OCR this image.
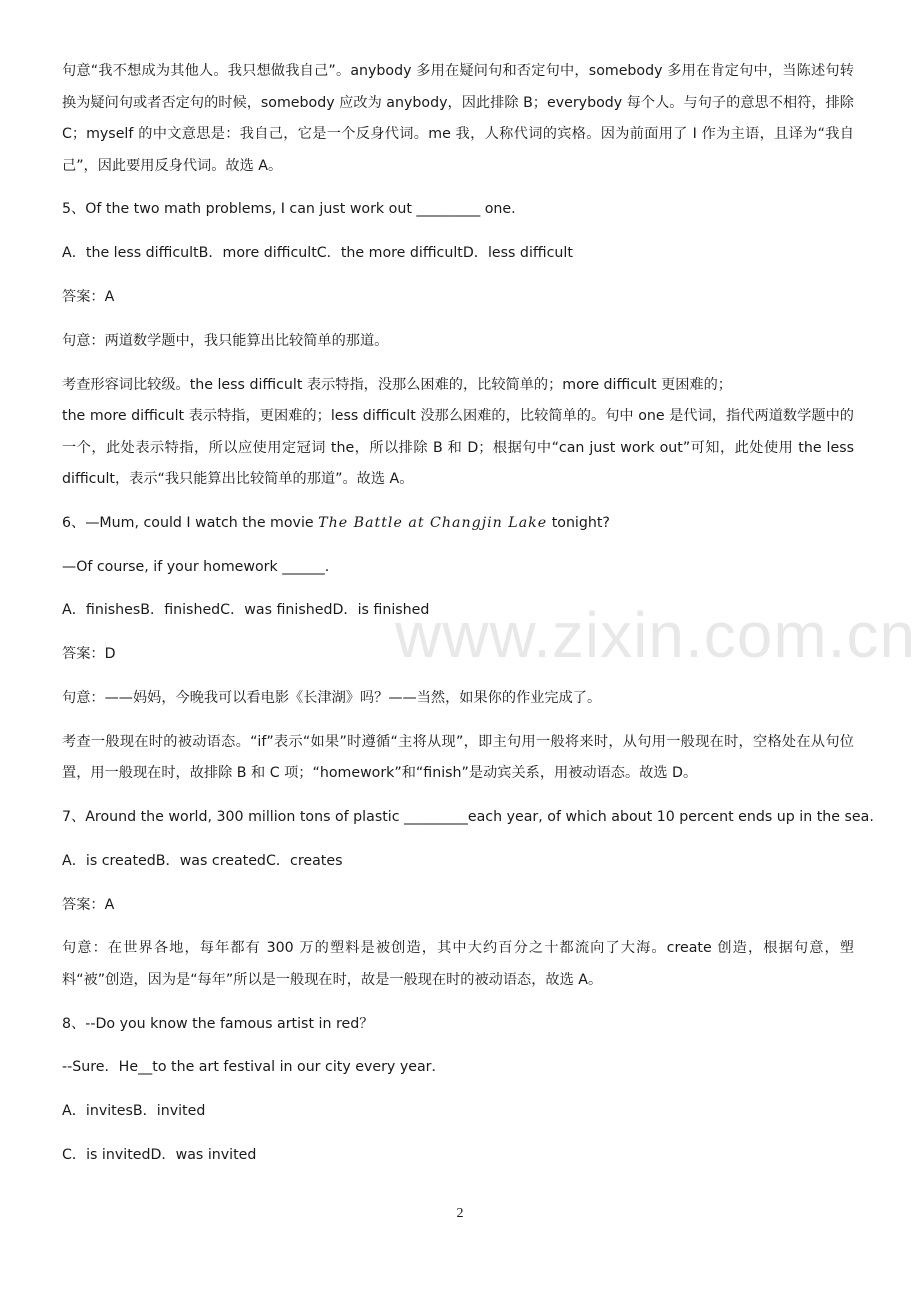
句意“我不想成为其他人。我只想做我自己”。anybody 多用在疑问句和否定句中，somebody 多用在肯定句中，当陈述句转换为疑问句或者否定句的时候，somebody 应改为 anybody，因此排除 B；everybody 每个人。与句子的意思不相符，排除 C；myself 的中文意思是：我自己，它是一个反身代词。me 我，人称代词的宾格。因为前面用了 I 作为主语，且译为“我自己”，因此要用反身代词。故选 A。

5、Of the two math problems, I can just work out _________ one.

A．the less difficultB．more difficultC．the more difficultD．less difficult

答案：A

句意：两道数学题中，我只能算出比较简单的那道。

考查形容词比较级。the less difficult 表示特指，没那么困难的，比较简单的；more difficult 更困难的；

the more difficult 表示特指，更困难的；less difficult 没那么困难的，比较简单的。句中 one 是代词，指代两道数学题中的一个，此处表示特指，所以应使用定冠词 the，所以排除 B 和 D；根据句中“can just work out”可知，此处使用 the less difficult，表示“我只能算出比较简单的那道”。故选 A。

6、—Mum, could I watch the movie The Battle at Changjin Lake tonight?

—Of course, if your homework ______.

A．finishesB．finishedC．was finishedD．is finished

答案：D

句意：——妈妈，今晚我可以看电影《长津湖》吗？——当然，如果你的作业完成了。

考查一般现在时的被动语态。“if”表示“如果”时遵循“主将从现”，即主句用一般将来时，从句用一般现在时，空格处在从句位置，用一般现在时，故排除 B 和 C 项；“homework”和“finish”是动宾关系，用被动语态。故选 D。

7、Around the world, 300 million tons of plastic _________each year, of which about 10 percent ends up in the sea.

A．is createdB．was createdC．creates

答案：A

句意：在世界各地，每年都有 300 万的塑料是被创造，其中大约百分之十都流向了大海。create 创造，根据句意，塑料“被”创造，因为是“每年”所以是一般现在时，故是一般现在时的被动语态，故选 A。

8、--Do you know the famous artist in red？

--Sure．He__to the art festival in our city every year．

A．invitesB．invited

C．is invitedD．was invited

www.zixin.com.cn
2
